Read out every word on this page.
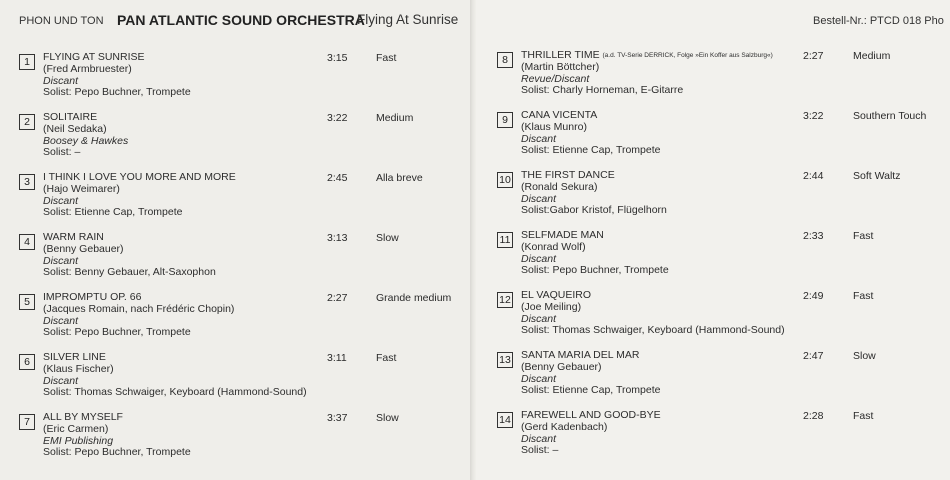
PHON UND TON PAN ATLANTIC SOUND ORCHESTRA
Flying At Sunrise	Bestell-Nr.: PTCD 018 Pho
1	FLYING AT SUNRISE
(Fred Armbruester)
Discant
Solist: Pepo Buchner, Trompete
3:15	Fast
2	SOLITAIRE
(Neil Sedaka)
Boosey & Hawkes
Solist: –
3:22	Medium
3	I THINK I LOVE YOU MORE AND MORE
(Hajo Weimarer)
Discant
Solist: Etienne Cap, Trompete
2:45	Alla breve
4	WARM RAIN
(Benny Gebauer)
Discant
Solist: Benny Gebauer, Alt-Saxophon
3:13	Slow
5	IMPROMPTU OP. 66
(Jacques Romain, nach Frédéric Chopin)
Discant
Solist: Pepo Buchner, Trompete
2:27	Grande medium
6	SILVER LINE
(Klaus Fischer)
Discant
Solist: Thomas Schwaiger, Keyboard (Hammond-Sound)
3:11	Fast
7	ALL BY MYSELF
(Eric Carmen)
EMI Publishing
Solist: Pepo Buchner, Trompete
3:37	Slow
8	THRILLER TIME (a.d. TV-Serie DERRICK, Folge »Ein Koffer aus Salzburg«)
(Martin Böttcher)
Revue/Discant
Solist: Charly Horneman, E-Gitarre
2:27	Medium
9	CANA VICENTA
(Klaus Munro)
Discant
Solist: Etienne Cap, Trompete
3:22	Southern Touch
10 THE FIRST DANCE
(Ronald Sekura)
Discant
Solist:Gabor Kristof, Flügelhorn
2:44	Soft Waltz
11 SELFMADE MAN
(Konrad Wolf)
Discant
Solist: Pepo Buchner, Trompete
2:33	Fast
12 EL VAQUEIRO
(Joe Meiling)
Discant
Solist: Thomas Schwaiger, Keyboard (Hammond-Sound)
2:49	Fast
13 SANTA MARIA DEL MAR
(Benny Gebauer)
Discant
Solist: Etienne Cap, Trompete
2:47	Slow
14 FAREWELL AND GOOD-BYE
(Gerd Kadenbach)
Discant
Solist: –
2:28	Fast
